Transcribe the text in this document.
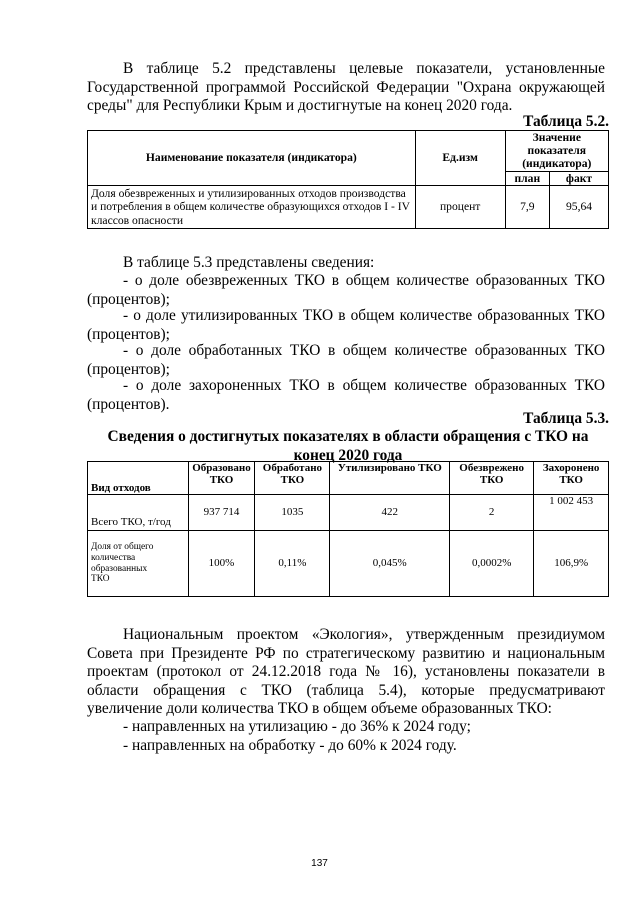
В таблице 5.2 представлены целевые показатели, установленные Государственной программой Российской Федерации "Охрана окружающей среды" для Республики Крым и достигнутые на конец 2020 года.

Таблица 5.2.

Наименование показателя (индикатора)	Ед.изм	Значение показателя (индикатора)	
		план	факт
Доля обезвреженных и утилизированных отходов производства и потребления в общем количестве образующихся отходов I - IV классов опасности	процент	7,9	95,64

В таблице 5.3 представлены сведения:

- о доле обезвреженных ТКО в общем количестве образованных ТКО (процентов);

- о доле утилизированных ТКО в общем количестве образованных ТКО (процентов);

- о доле обработанных ТКО в общем количестве образованных ТКО (процентов);

- о доле захороненных ТКО в общем количестве образованных ТКО (процентов).

Таблица 5.3.

Сведения о достигнутых показателях в области обращения с ТКО на конец 2020 года

Вид отходов	Образовано ТКО	Обработано ТКО	Утилизировано ТКО	Обезврежено ТКО	Захоронено ТКО
Всего ТКО, т/год	937 714	1035	422	2	1 002 453

Доля от общего количества образованных ТКО	100%	0,11%	0,045%	0,0002%	106,9%

Национальным проектом «Экология», утвержденным президиумом Совета при Президенте РФ по стратегическому развитию и национальным проектам (протокол от 24.12.2018 года № 16), установлены показатели в области обращения с ТКО (таблица 5.4), которые предусматривают увеличение доли количества ТКО в общем объеме образованных ТКО:

- направленных на утилизацию - до 36% к 2024 году;

- направленных на обработку - до 60% к 2024 году.

137
